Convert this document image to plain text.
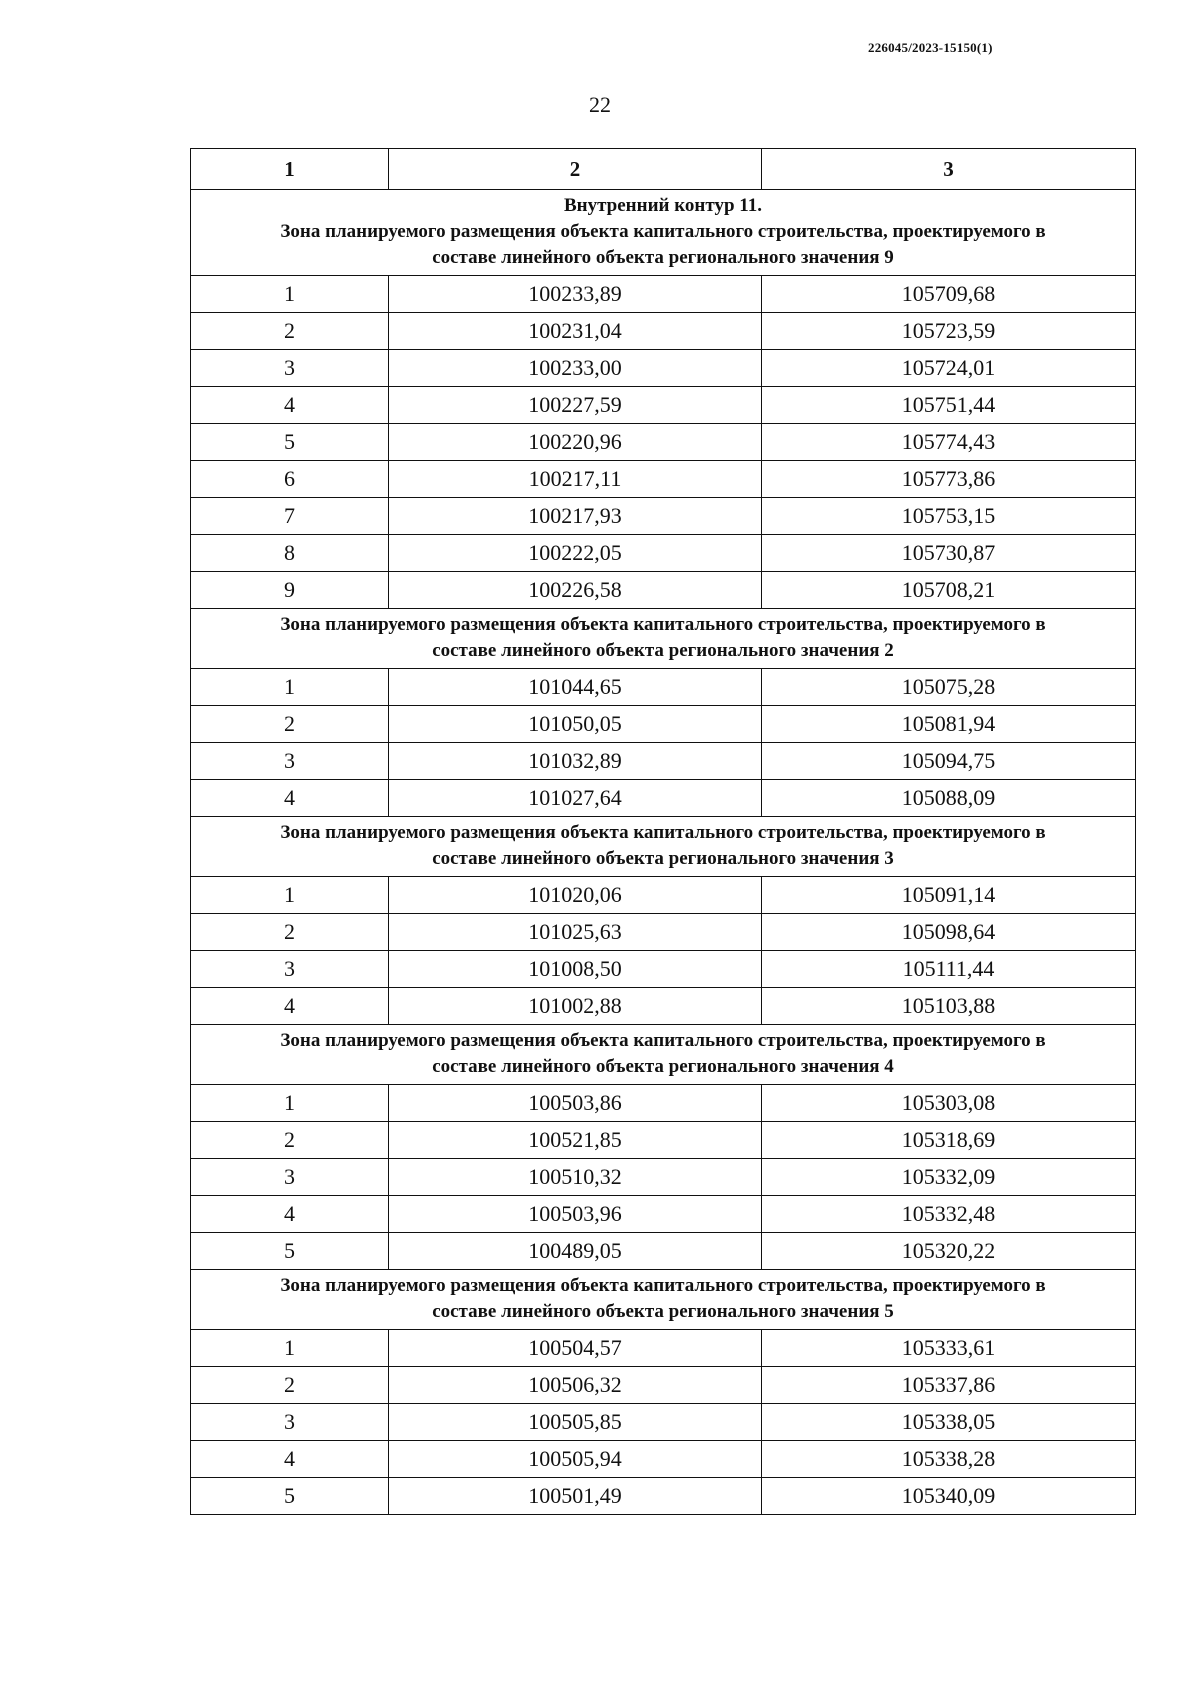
226045/2023-15150(1)
22
1	2	3

Внутренний контур 11.
Зона планируемого размещения объекта капитального строительства, проектируемого в
составе линейного объекта регионального значения 9		

1	100233,89	105709,68
2	100231,04	105723,59
3	100233,00	105724,01
4	100227,59	105751,44
5	100220,96	105774,43
6	100217,11	105773,86
7	100217,93	105753,15
8	100222,05	105730,87
9	100226,58	105708,21

Зона планируемого размещения объекта капитального строительства, проектируемого в
составе линейного объекта регионального значения 2		

1	101044,65	105075,28
2	101050,05	105081,94
3	101032,89	105094,75
4	101027,64	105088,09

Зона планируемого размещения объекта капитального строительства, проектируемого в
составе линейного объекта регионального значения 3		

1	101020,06	105091,14
2	101025,63	105098,64
3	101008,50	105111,44
4	101002,88	105103,88

Зона планируемого размещения объекта капитального строительства, проектируемого в
составе линейного объекта регионального значения 4		

1	100503,86	105303,08
2	100521,85	105318,69
3	100510,32	105332,09
4	100503,96	105332,48
5	100489,05	105320,22

Зона планируемого размещения объекта капитального строительства, проектируемого в
составе линейного объекта регионального значения 5		

1	100504,57	105333,61
2	100506,32	105337,86
3	100505,85	105338,05
4	100505,94	105338,28
5	100501,49	105340,09
